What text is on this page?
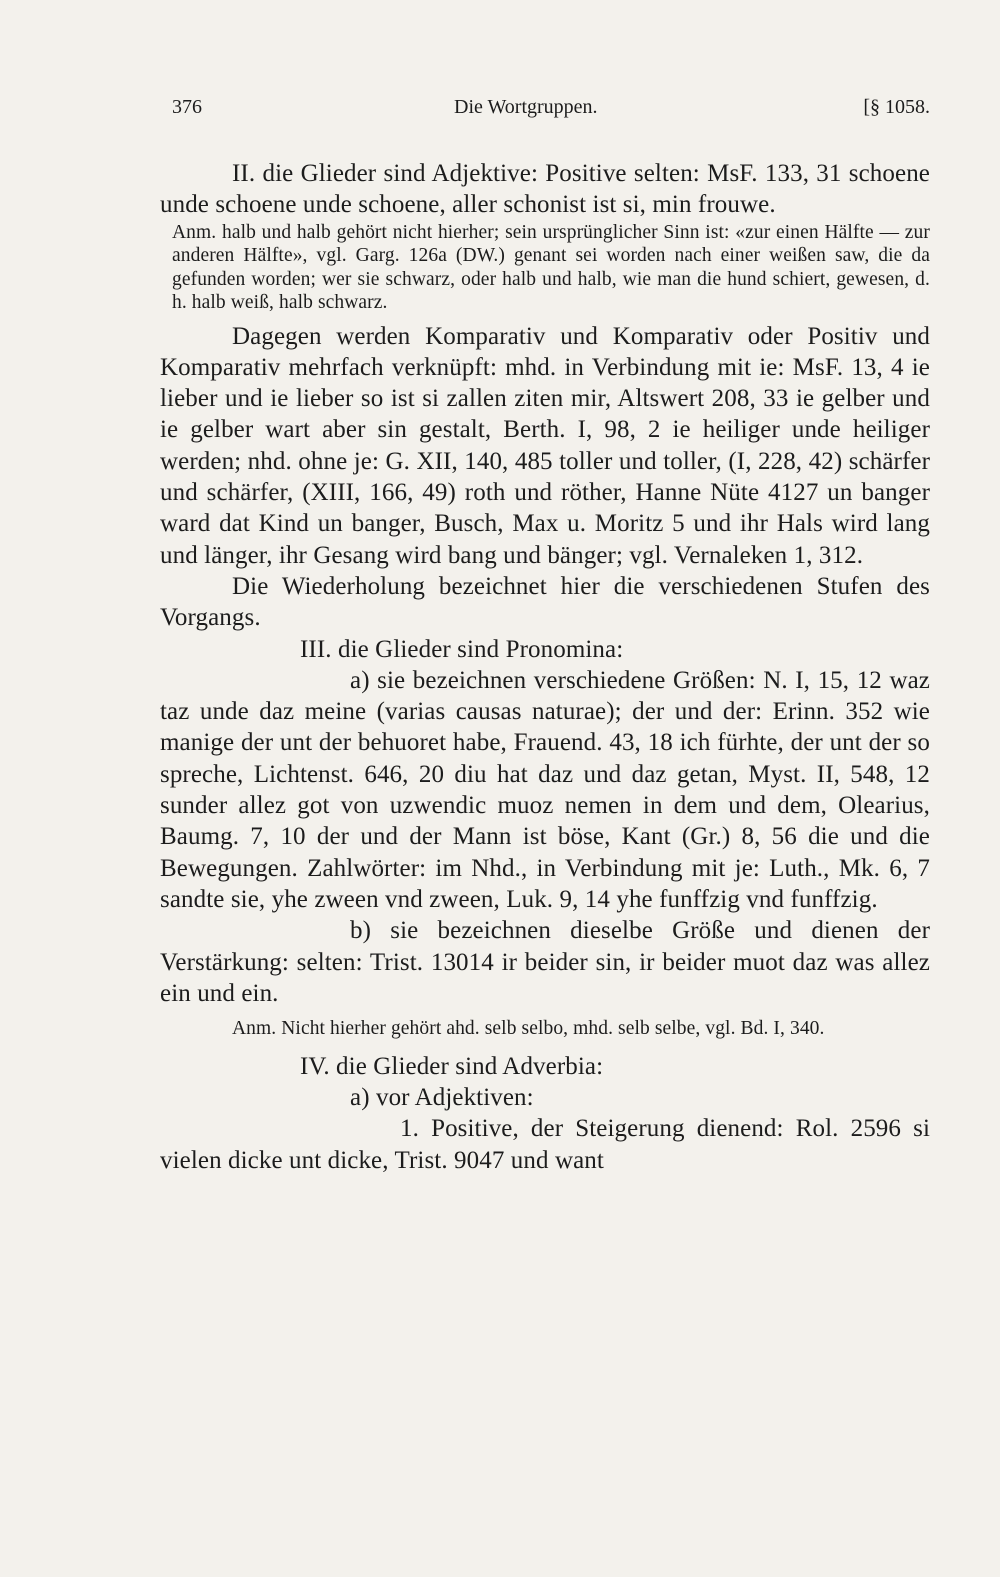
376	Die Wortgruppen.	[§ 1058.

II. die Glieder sind Adjektive: Positive selten: MsF. 133, 31 schoene unde schoene unde schoene, aller schonist ist si, min frouwe.

Anm. halb und halb gehört nicht hierher; sein ursprünglicher Sinn ist: «zur einen Hälfte — zur anderen Hälfte», vgl. Garg. 126a (DW.) genant sei worden nach einer weißen saw, die da gefunden worden; wer sie schwarz, oder halb und halb, wie man die hund schiert, gewesen, d. h. halb weiß, halb schwarz.

Dagegen werden Komparativ und Komparativ oder Positiv und Komparativ mehrfach verknüpft: mhd. in Verbindung mit ie: MsF. 13, 4 ie lieber und ie lieber so ist si zallen ziten mir, Altswert 208, 33 ie gelber und ie gelber wart aber sin gestalt, Berth. I, 98, 2 ie heiliger unde heiliger werden; nhd. ohne je: G. XII, 140, 485 toller und toller, (I, 228, 42) schärfer und schärfer, (XIII, 166, 49) roth und röther, Hanne Nüte 4127 un banger ward dat Kind un banger, Busch, Max u. Moritz 5 und ihr Hals wird lang und länger, ihr Gesang wird bang und bänger; vgl. Vernaleken 1, 312.

Die Wiederholung bezeichnet hier die verschiedenen Stufen des Vorgangs.

III. die Glieder sind Pronomina:

a) sie bezeichnen verschiedene Größen: N. I, 15, 12 waz taz unde daz meine (varias causas naturae); der und der: Erinn. 352 wie manige der unt der behuoret habe, Frauend. 43, 18 ich fürhte, der unt der so spreche, Lichtenst. 646, 20 diu hat daz und daz getan, Myst. II, 548, 12 sunder allez got von uzwendic muoz nemen in dem und dem, Olearius, Baumg. 7, 10 der und der Mann ist böse, Kant (Gr.) 8, 56 die und die Bewegungen. Zahlwörter: im Nhd., in Verbindung mit je: Luth., Mk. 6, 7 sandte sie, yhe zween vnd zween, Luk. 9, 14 yhe funffzig vnd funffzig.

b) sie bezeichnen dieselbe Größe und dienen der Verstärkung: selten: Trist. 13014 ir beider sin, ir beider muot daz was allez ein und ein.

Anm. Nicht hierher gehört ahd. selb selbo, mhd. selb selbe, vgl. Bd. I, 340.

IV. die Glieder sind Adverbia:

a) vor Adjektiven:

1. Positive, der Steigerung dienend: Rol. 2596 si vielen dicke unt dicke, Trist. 9047 und want
